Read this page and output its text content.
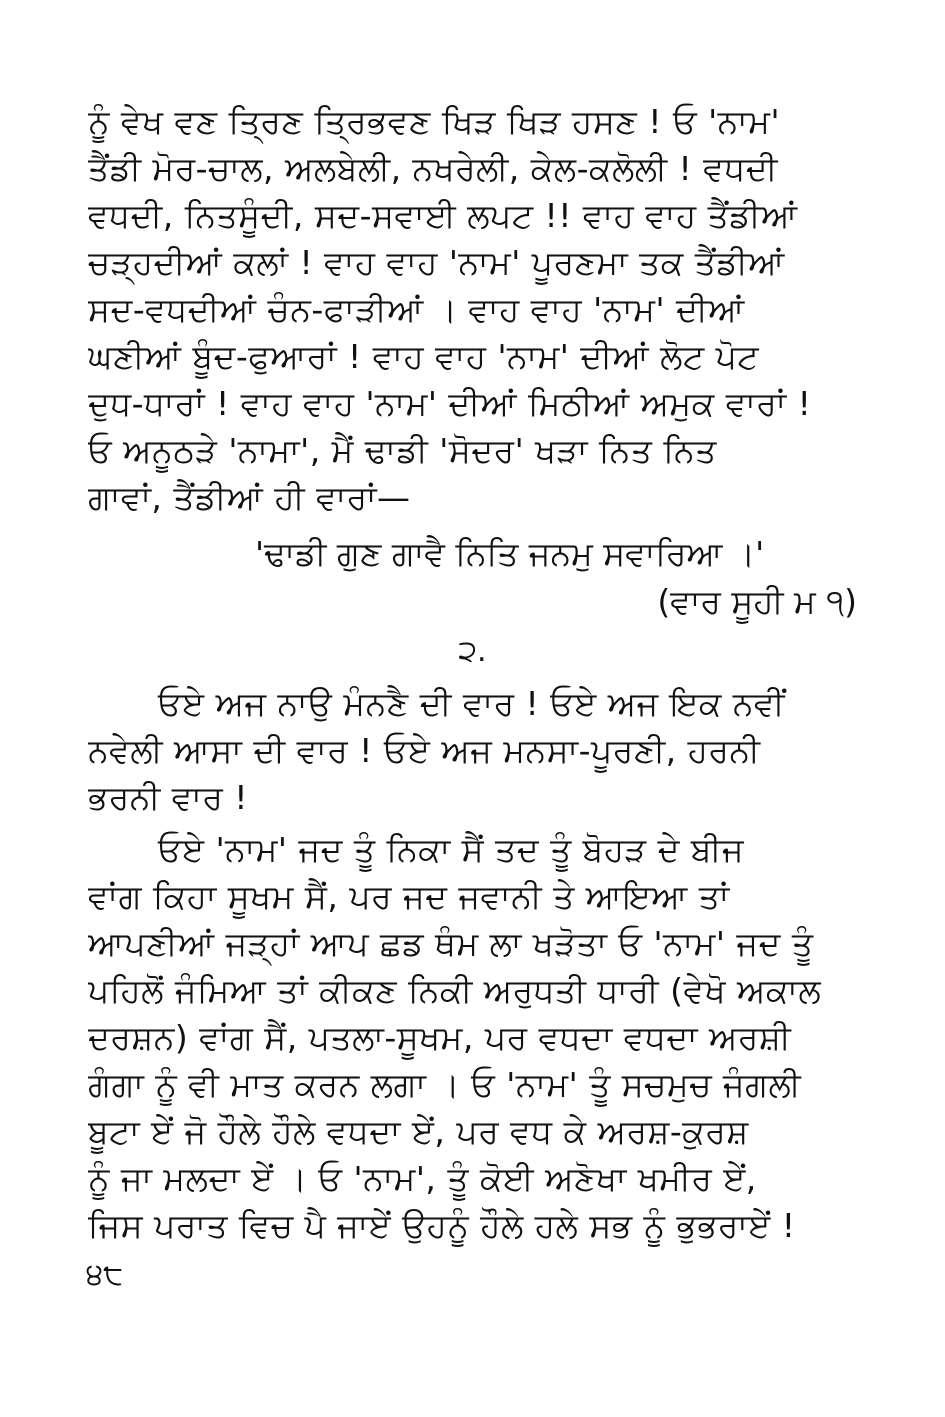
ਨੂੰ ਵੇਖ ਵਣ ਤ੍ਰਿਣ ਤ੍ਰਿਭਵਣ ਖਿੜ ਖਿੜ ਹਸਣ ! ਓ 'ਨਾਮ'
ਤੈਂਡੀ ਮੋਰ-ਚਾਲ, ਅਲਬੇਲੀ, ਨਖਰੇਲੀ, ਕੇਲ-ਕਲੋਲੀ ! ਵਧਦੀ
ਵਧਦੀ, ਨਿਤਸੂੰਦੀ, ਸਦ-ਸਵਾਈ ਲਪਟ !! ਵਾਹ ਵਾਹ ਤੈਂਡੀਆਂ
ਚੜ੍ਹਦੀਆਂ ਕਲਾਂ ! ਵਾਹ ਵਾਹ 'ਨਾਮ' ਪੂਰਣਮਾ ਤਕ ਤੈਂਡੀਆਂ
ਸਦ-ਵਧਦੀਆਂ ਚੰਨ-ਫਾੜੀਆਂ । ਵਾਹ ਵਾਹ 'ਨਾਮ' ਦੀਆਂ
ਘਣੀਆਂ ਬੂੰਦ-ਫੁਆਰਾਂ ! ਵਾਹ ਵਾਹ 'ਨਾਮ' ਦੀਆਂ ਲੋਟ ਪੋਟ
ਦੁਧ-ਧਾਰਾਂ ! ਵਾਹ ਵਾਹ 'ਨਾਮ' ਦੀਆਂ ਮਿਠੀਆਂ ਅਮੁਕ ਵਾਰਾਂ !
ਓ ਅਨੂਠੜੇ 'ਨਾਮਾ', ਮੈਂ ਢਾਡੀ 'ਸੋਦਰ' ਖੜਾ ਨਿਤ ਨਿਤ
ਗਾਵਾਂ, ਤੈਂਡੀਆਂ ਹੀ ਵਾਰਾਂ—
'ਢਾਡੀ ਗੁਣ ਗਾਵੈ ਨਿਤਿ ਜਨਮੁ ਸਵਾਰਿਆ ।'
(ਵਾਰ ਸੂਹੀ ਮ ੧)
੨.
ਓਏ ਅਜ ਨਾਉ ਮੰਨਣੈ ਦੀ ਵਾਰ ! ਓਏ ਅਜ ਇਕ ਨਵੀਂ
ਨਵੇਲੀ ਆਸਾ ਦੀ ਵਾਰ ! ਓਏ ਅਜ ਮਨਸਾ-ਪੂਰਣੀ, ਹਰਨੀ
ਭਰਨੀ ਵਾਰ !
ਓਏ 'ਨਾਮ' ਜਦ ਤੂੰ ਨਿਕਾ ਸੈਂ ਤਦ ਤੂੰ ਬੋਹੜ ਦੇ ਬੀਜ
ਵਾਂਗ ਕਿਹਾ ਸੂਖਮ ਸੈਂ, ਪਰ ਜਦ ਜਵਾਨੀ ਤੇ ਆਇਆ ਤਾਂ
ਆਪਣੀਆਂ ਜੜ੍ਹਾਂ ਆਪ ਛਡ ਥੰਮ ਲਾ ਖੜੋਤਾ ਓ 'ਨਾਮ' ਜਦ ਤੂੰ
ਪਹਿਲੋਂ ਜੰਮਿਆ ਤਾਂ ਕੀਕਣ ਨਿਕੀ ਅਰੁਧਤੀ ਧਾਰੀ (ਵੇਖੋ ਅਕਾਲ
ਦਰਸ਼ਨ) ਵਾਂਗ ਸੈਂ, ਪਤਲਾ-ਸੂਖਮ, ਪਰ ਵਧਦਾ ਵਧਦਾ ਅਰਸ਼ੀ
ਗੰਗਾ ਨੂੰ ਵੀ ਮਾਤ ਕਰਨ ਲਗਾ । ਓ 'ਨਾਮ' ਤੂੰ ਸਚਮੁਚ ਜੰਗਲੀ
ਬੂਟਾ ਏਂ ਜੋ ਹੌਲੇ ਹੌਲੇ ਵਧਦਾ ਏਂ, ਪਰ ਵਧ ਕੇ ਅਰਸ਼-ਕੁਰਸ਼
ਨੂੰ ਜਾ ਮਲਦਾ ਏਂ । ਓ 'ਨਾਮ', ਤੂੰ ਕੋਈ ਅਣੋਖਾ ਖਮੀਰ ਏਂ,
ਜਿਸ ਪਰਾਤ ਵਿਚ ਪੈ ਜਾਏਂ ਉਹਨੂੰ ਹੌਲੇ ਹਲੇ ਸਭ ਨੂੰ ਭੁਭਰਾਏਂ !
੪੮
